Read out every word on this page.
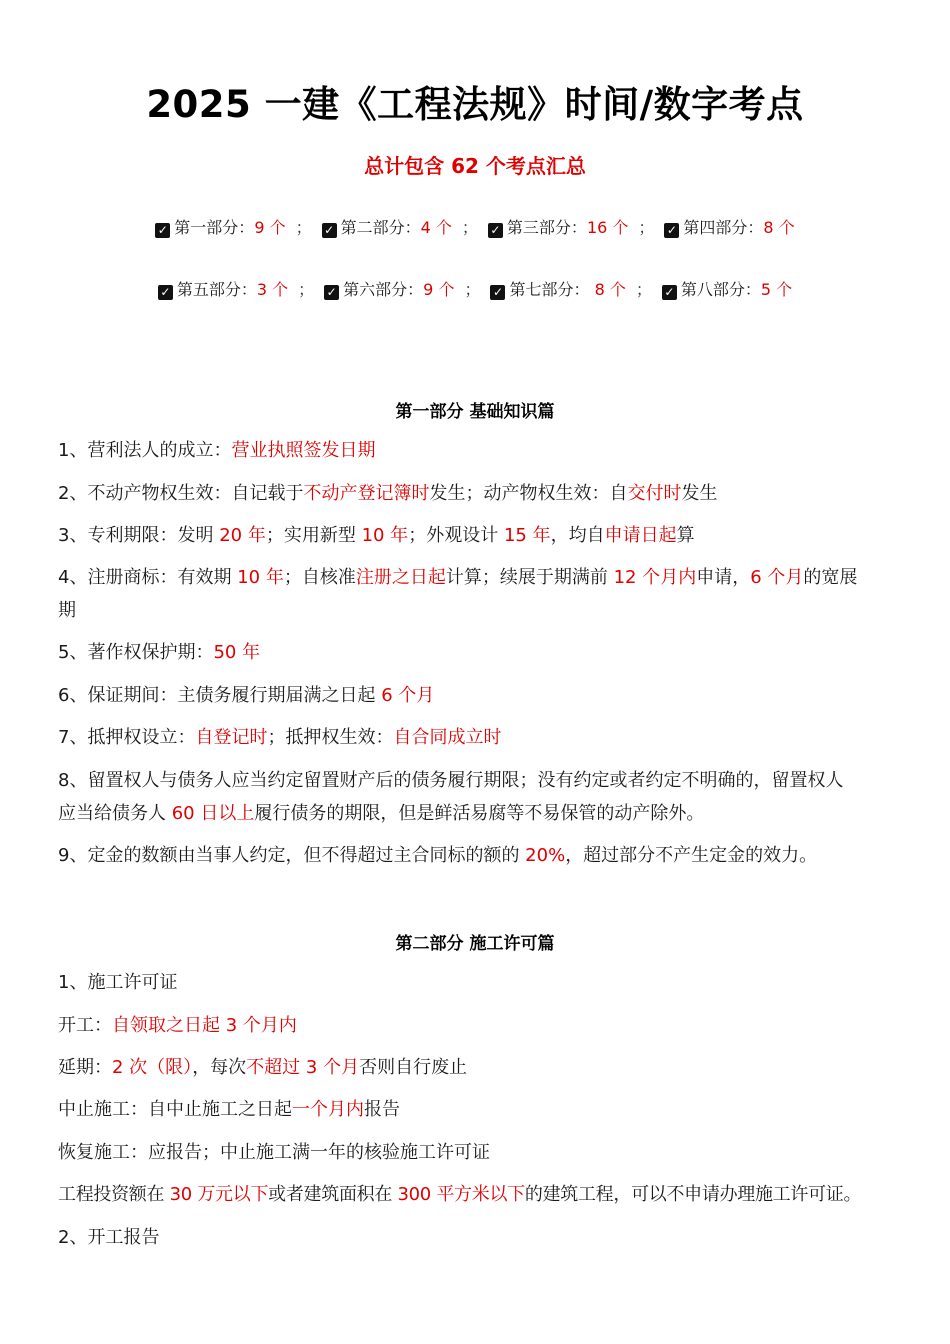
2025 一建《工程法规》时间/数字考点
总计包含 62 个考点汇总
✓ 第一部分：9 个 ； ✓ 第二部分：4 个 ； ✓ 第三部分：16 个 ； ✓ 第四部分：8 个
✓ 第五部分：3 个 ； ✓ 第六部分：9 个 ； ✓ 第七部分： 8 个 ； ✓ 第八部分：5 个
第一部分 基础知识篇
1、营利法人的成立：营业执照签发日期
2、不动产物权生效：自记载于不动产登记簿时发生；动产物权生效：自交付时发生
3、专利期限：发明 20 年；实用新型 10 年；外观设计 15 年，均自申请日起算
4、注册商标：有效期 10 年；自核准注册之日起计算；续展于期满前 12 个月内申请，6 个月的宽展
期
5、著作权保护期：50 年
6、保证期间：主债务履行期届满之日起 6 个月
7、抵押权设立：自登记时；抵押权生效：自合同成立时
8、留置权人与债务人应当约定留置财产后的债务履行期限；没有约定或者约定不明确的，留置权人
应当给债务人 60 日以上履行债务的期限，但是鲜活易腐等不易保管的动产除外。
9、定金的数额由当事人约定，但不得超过主合同标的额的 20%，超过部分不产生定金的效力。
第二部分 施工许可篇
1、施工许可证
开工：自领取之日起 3 个月内
延期：2 次（限），每次不超过 3 个月否则自行废止
中止施工：自中止施工之日起一个月内报告
恢复施工：应报告；中止施工满一年的核验施工许可证
工程投资额在 30 万元以下或者建筑面积在 300 平方米以下的建筑工程，可以不申请办理施工许可证。
2、开工报告
